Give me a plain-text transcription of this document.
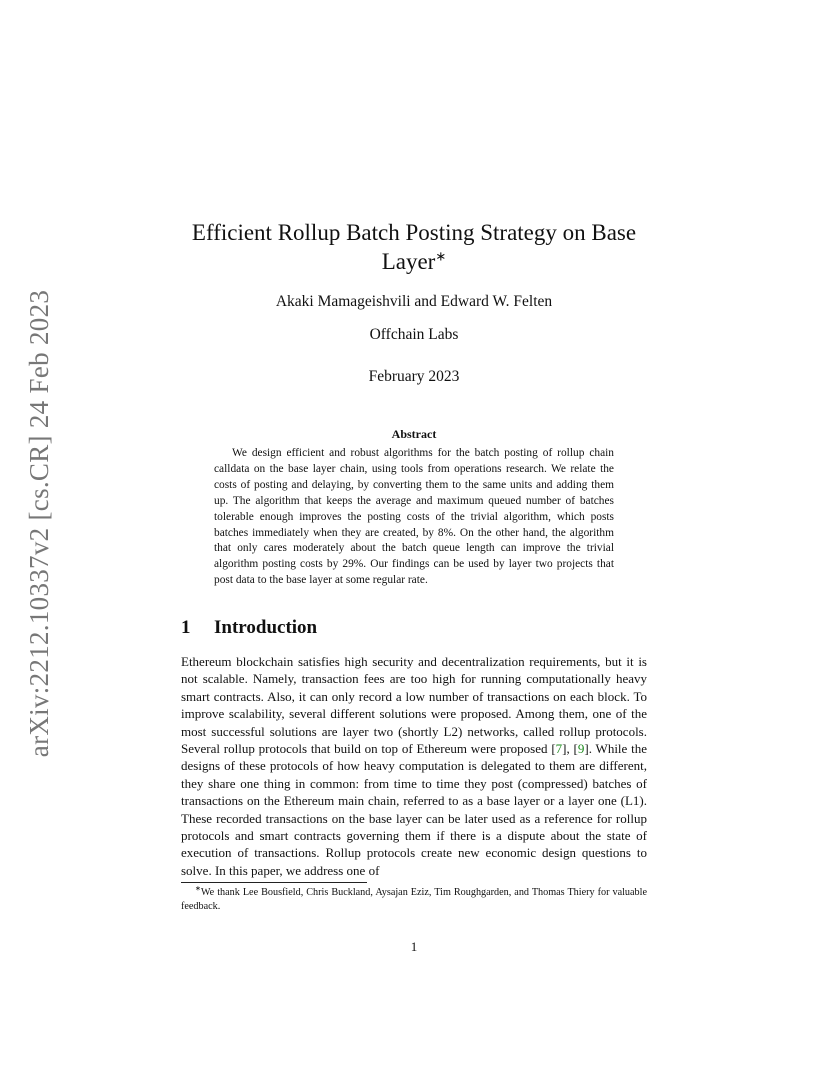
arXiv:2212.10337v2 [cs.CR] 24 Feb 2023
Efficient Rollup Batch Posting Strategy on Base Layer∗
Akaki Mamageishvili and Edward W. Felten
Offchain Labs
February 2023
Abstract

We design efficient and robust algorithms for the batch posting of rollup chain calldata on the base layer chain, using tools from operations research. We relate the costs of posting and delaying, by converting them to the same units and adding them up. The algorithm that keeps the average and maximum queued number of batches tolerable enough improves the posting costs of the trivial algorithm, which posts batches immediately when they are created, by 8%. On the other hand, the algorithm that only cares moderately about the batch queue length can improve the trivial algorithm posting costs by 29%. Our findings can be used by layer two projects that post data to the base layer at some regular rate.

1 Introduction

Ethereum blockchain satisfies high security and decentralization requirements, but it is not scalable. Namely, transaction fees are too high for running computationally heavy smart contracts. Also, it can only record a low number of transactions on each block. To improve scalability, several different solutions were proposed. Among them, one of the most successful solutions are layer two (shortly L2) networks, called rollup protocols. Several rollup protocols that build on top of Ethereum were proposed [7], [9]. While the designs of these protocols of how heavy computation is delegated to them are different, they share one thing in common: from time to time they post (compressed) batches of transactions on the Ethereum main chain, referred to as a base layer or a layer one (L1). These recorded transactions on the base layer can be later used as a reference for rollup protocols and smart contracts governing them if there is a dispute about the state of execution of transactions. Rollup protocols create new economic design questions to solve. In this paper, we address one of

∗We thank Lee Bousfield, Chris Buckland, Aysajan Eziz, Tim Roughgarden, and Thomas Thiery for valuable feedback.

1
